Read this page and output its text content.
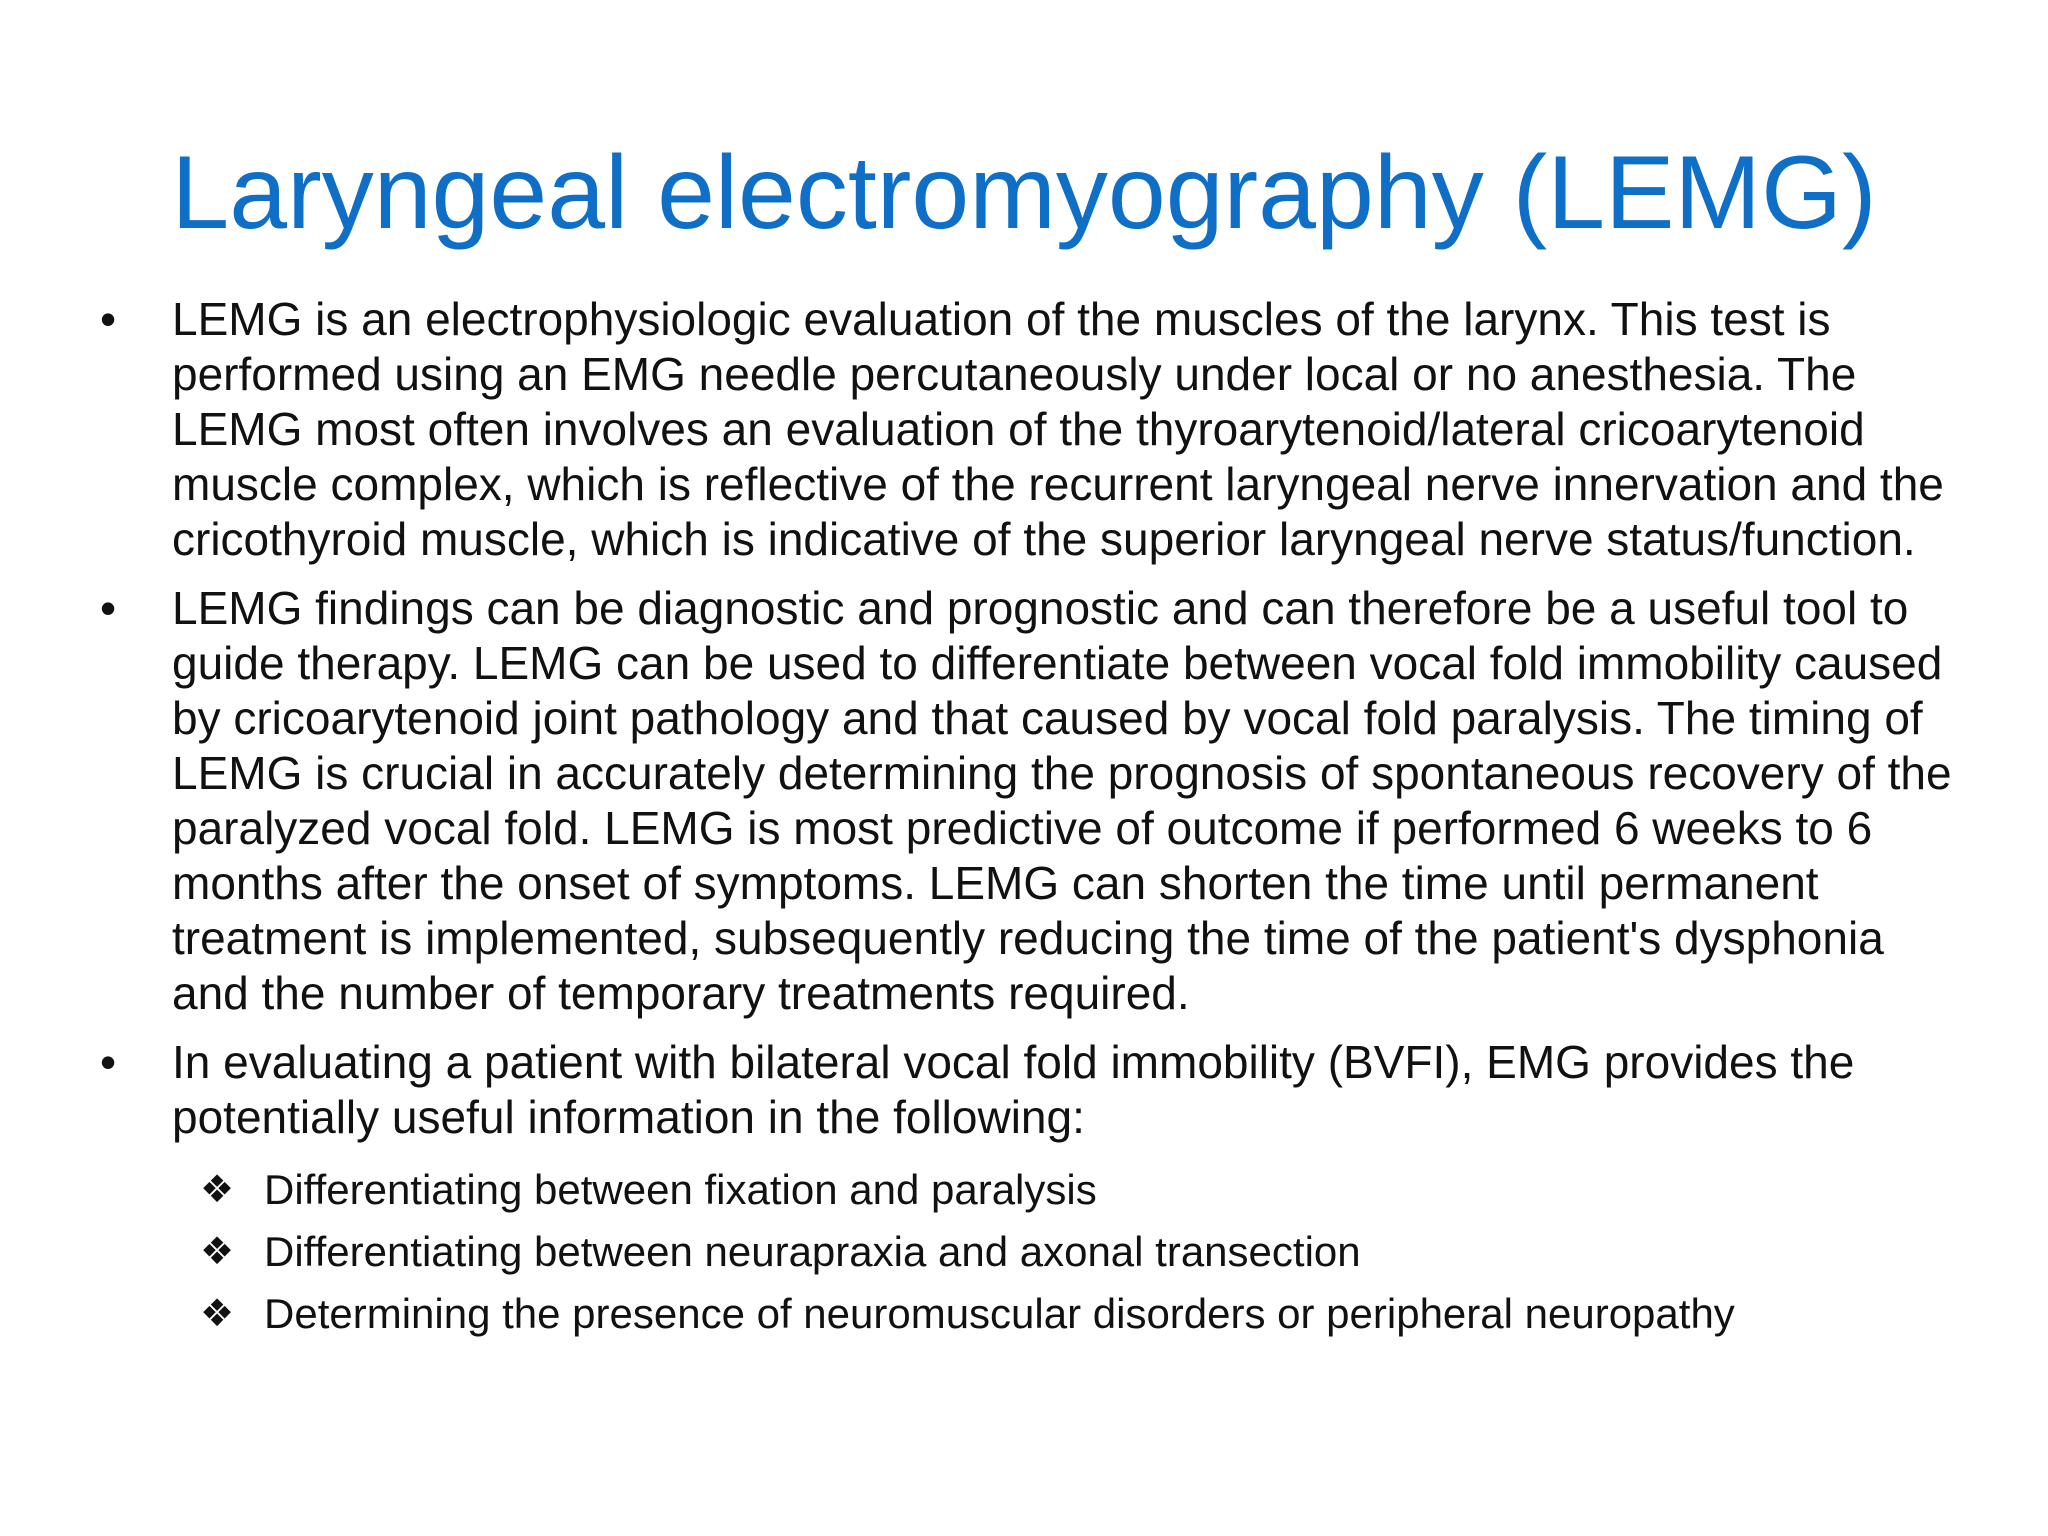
Laryngeal electromyography (LEMG)
• LEMG is an electrophysiologic evaluation of the muscles of the larynx. This test is performed using an EMG needle percutaneously under local or no anesthesia. The LEMG most often involves an evaluation of the thyroarytenoid/lateral cricoarytenoid muscle complex, which is reflective of the recurrent laryngeal nerve innervation and the cricothyroid muscle, which is indicative of the superior laryngeal nerve status/function.
• LEMG findings can be diagnostic and prognostic and can therefore be a useful tool to guide therapy. LEMG can be used to differentiate between vocal fold immobility caused by cricoarytenoid joint pathology and that caused by vocal fold paralysis. The timing of LEMG is crucial in accurately determining the prognosis of spontaneous recovery of the paralyzed vocal fold. LEMG is most predictive of outcome if performed 6 weeks to 6 months after the onset of symptoms. LEMG can shorten the time until permanent treatment is implemented, subsequently reducing the time of the patient's dysphonia and the number of temporary treatments required.
• In evaluating a patient with bilateral vocal fold immobility (BVFI), EMG provides the potentially useful information in the following:
❖ Differentiating between fixation and paralysis
❖ Differentiating between neurapraxia and axonal transection
❖ Determining the presence of neuromuscular disorders or peripheral neuropathy
